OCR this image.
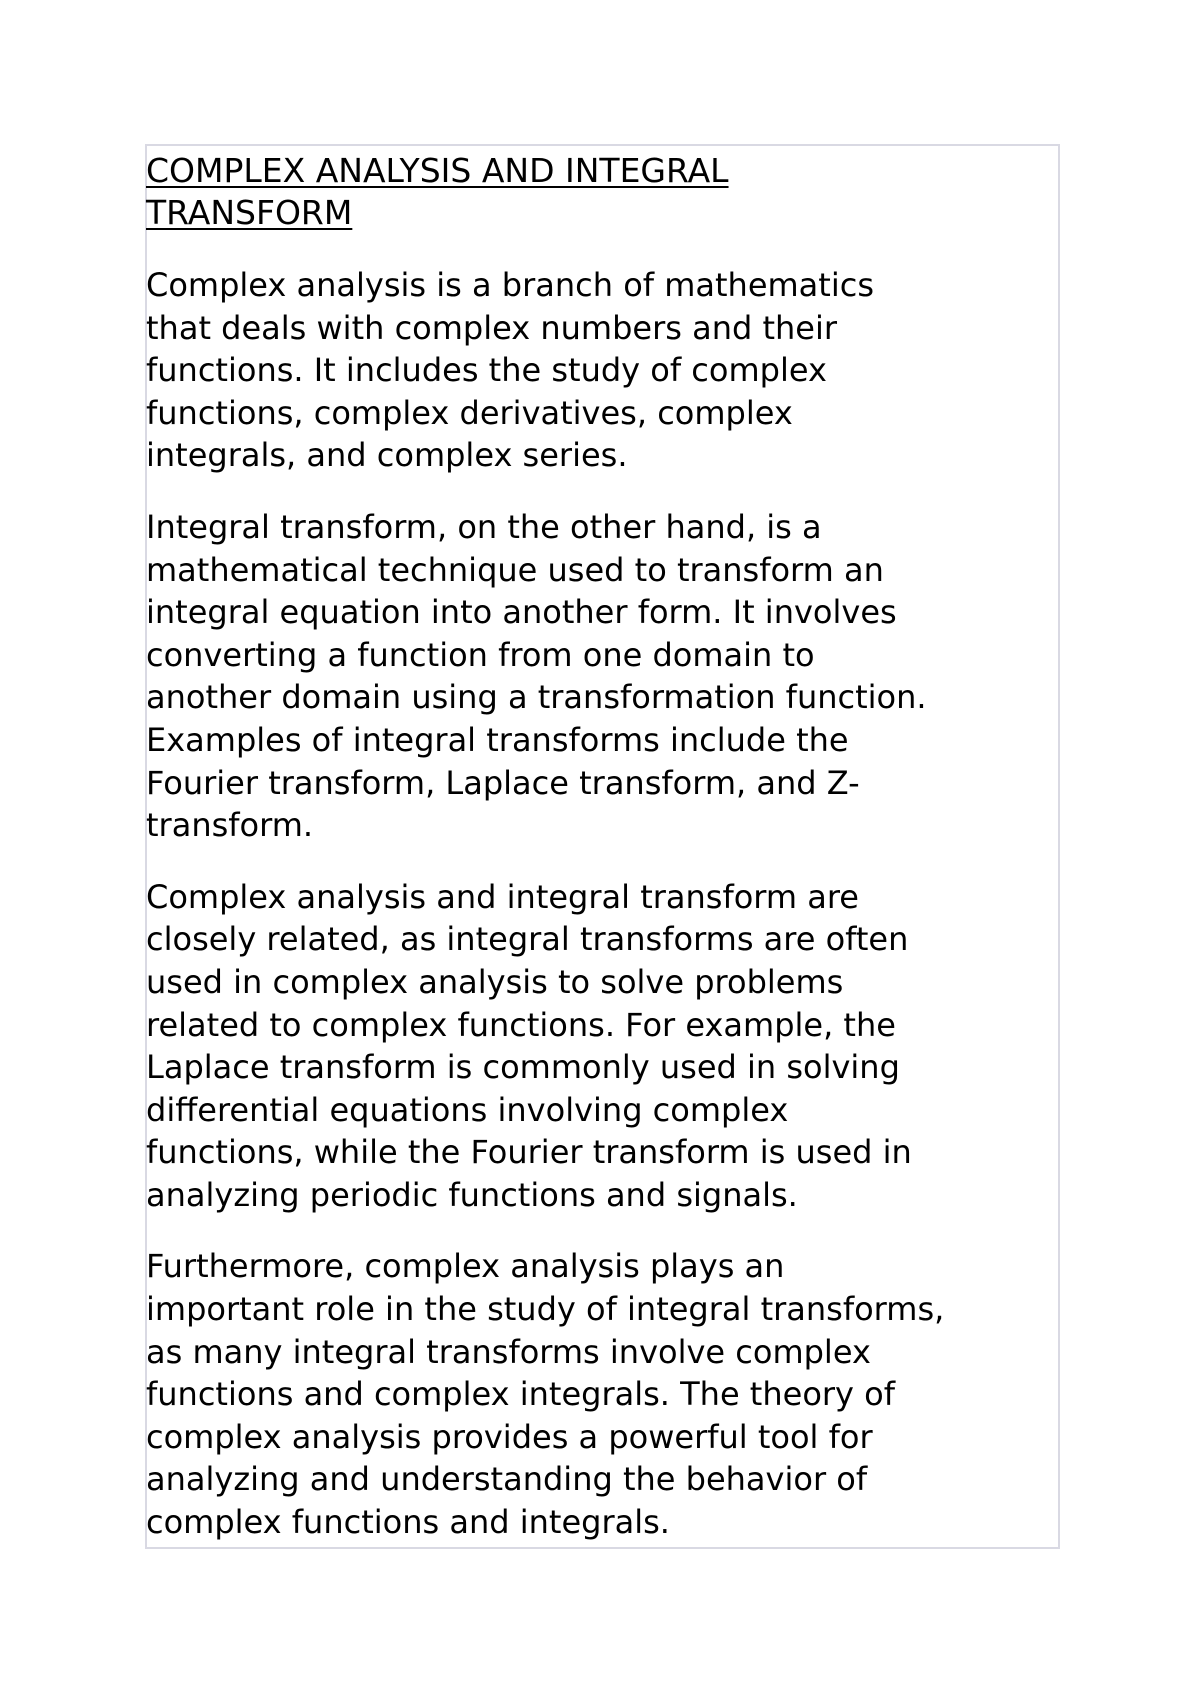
COMPLEX ANALYSIS AND INTEGRAL
TRANSFORM

Complex analysis is a branch of mathematics
that deals with complex numbers and their
functions. It includes the study of complex
functions, complex derivatives, complex
integrals, and complex series.

Integral transform, on the other hand, is a
mathematical technique used to transform an
integral equation into another form. It involves
converting a function from one domain to
another domain using a transformation function.
Examples of integral transforms include the
Fourier transform, Laplace transform, and Z-
transform.

Complex analysis and integral transform are
closely related, as integral transforms are often
used in complex analysis to solve problems
related to complex functions. For example, the
Laplace transform is commonly used in solving
differential equations involving complex
functions, while the Fourier transform is used in
analyzing periodic functions and signals.

Furthermore, complex analysis plays an
important role in the study of integral transforms,
as many integral transforms involve complex
functions and complex integrals. The theory of
complex analysis provides a powerful tool for
analyzing and understanding the behavior of
complex functions and integrals.
